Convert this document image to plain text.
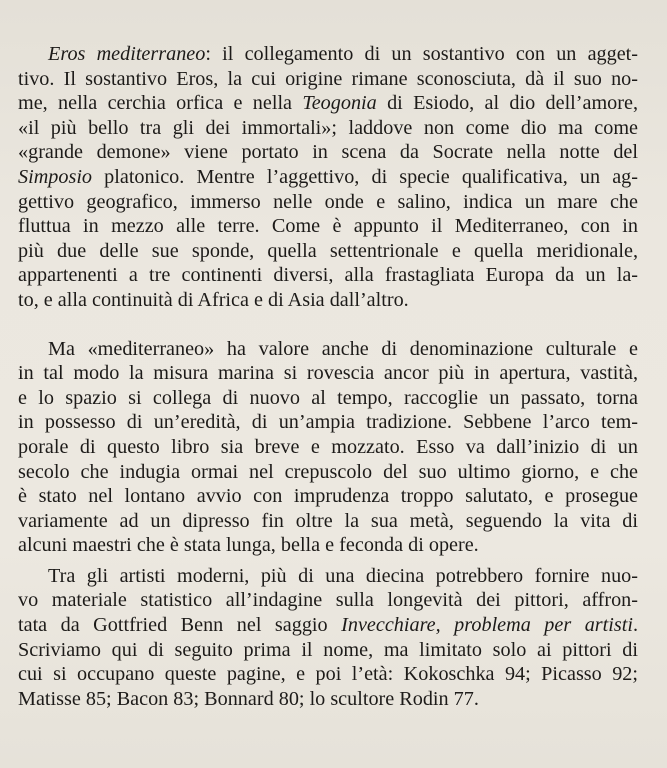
Eros mediterraneo: il collegamento di un sostantivo con un agget-
tivo. Il sostantivo Eros, la cui origine rimane sconosciuta, dà il suo no-
me, nella cerchia orfica e nella Teogonia di Esiodo, al dio dell’amore,
«il più bello tra gli dei immortali»; laddove non come dio ma come
«grande demone» viene portato in scena da Socrate nella notte del
Simposio platonico. Mentre l’aggettivo, di specie qualificativa, un ag-
gettivo geografico, immerso nelle onde e salino, indica un mare che
fluttua in mezzo alle terre. Come è appunto il Mediterraneo, con in
più due delle sue sponde, quella settentrionale e quella meridionale,
appartenenti a tre continenti diversi, alla frastagliata Europa da un la-
to, e alla continuità di Africa e di Asia dall’altro.
Ma «mediterraneo» ha valore anche di denominazione culturale e
in tal modo la misura marina si rovescia ancor più in apertura, vastità,
e lo spazio si collega di nuovo al tempo, raccoglie un passato, torna
in possesso di un’eredità, di un’ampia tradizione. Sebbene l’arco tem-
porale di questo libro sia breve e mozzato. Esso va dall’inizio di un
secolo che indugia ormai nel crepuscolo del suo ultimo giorno, e che
è stato nel lontano avvio con imprudenza troppo salutato, e prosegue
variamente ad un dipresso fin oltre la sua metà, seguendo la vita di
alcuni maestri che è stata lunga, bella e feconda di opere.
Tra gli artisti moderni, più di una diecina potrebbero fornire nuo-
vo materiale statistico all’indagine sulla longevità dei pittori, affron-
tata da Gottfried Benn nel saggio Invecchiare, problema per artisti.
Scriviamo qui di seguito prima il nome, ma limitato solo ai pittori di
cui si occupano queste pagine, e poi l’età: Kokoschka 94; Picasso 92;
Matisse 85; Bacon 83; Bonnard 80; lo scultore Rodin 77.
